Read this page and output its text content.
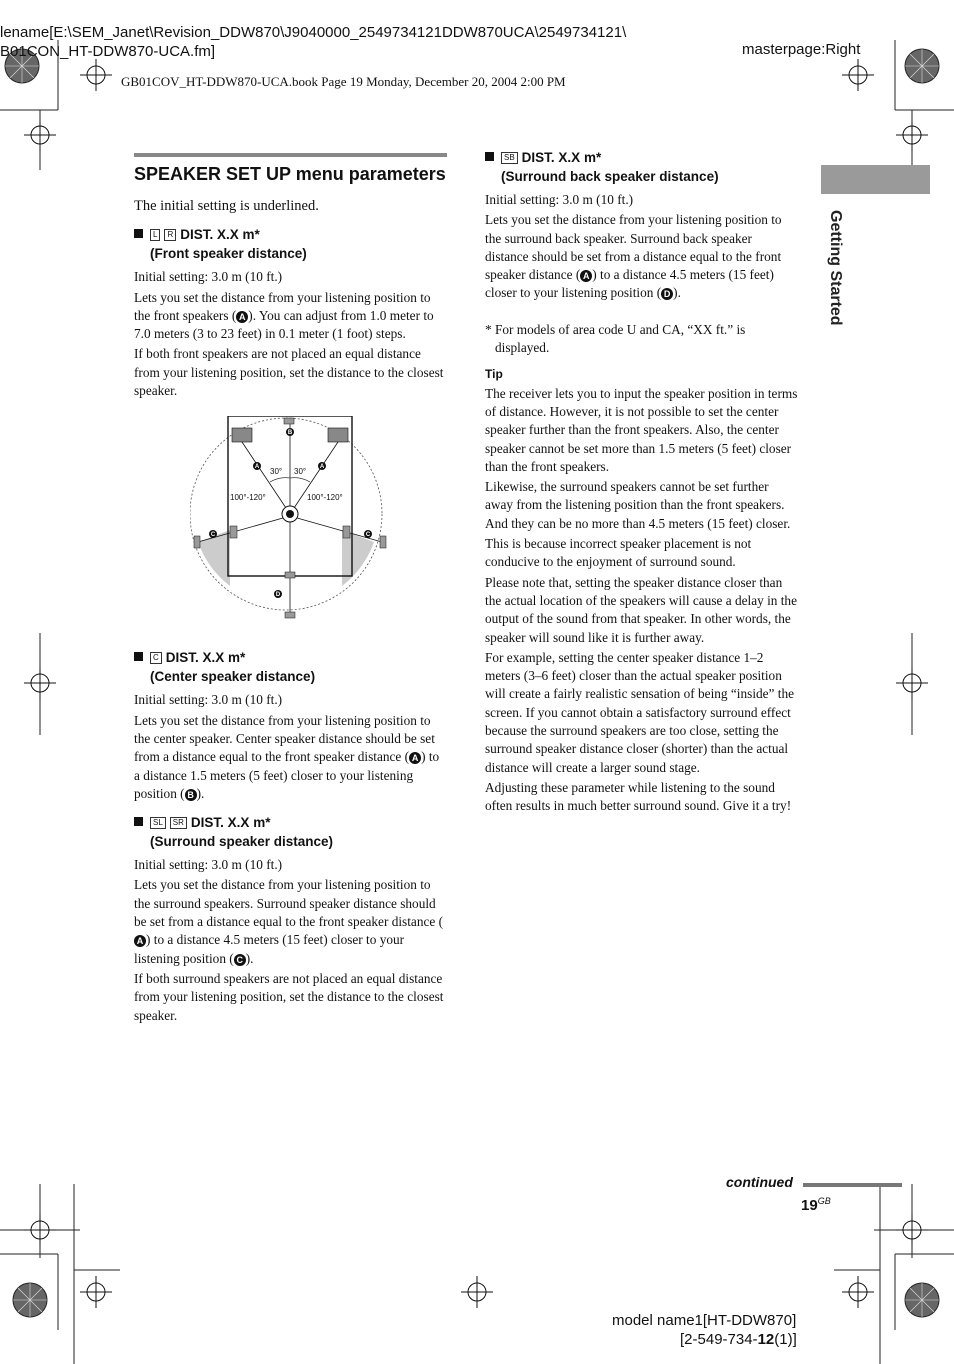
lename[E:\SEM_Janet\Revision_DDW870\J9040000_2549734121DDW870UCA\2549734121\
B01CON_HT-DDW870-UCA.fm]	masterpage:Right
GB01COV_HT-DDW870-UCA.book Page 19 Monday, December 20, 2004 2:00 PM
Getting Started
SPEAKER SET UP menu parameters

The initial setting is underlined.

L R DIST. X.X m*
(Front speaker distance)

Initial setting: 3.0 m (10 ft.)

Lets you set the distance from your listening position to the front speakers ( A ). You can adjust from 1.0 meter to 7.0 meters (3 to 23 feet) in 0.1 meter (1 foot) steps.

If both front speakers are not placed an equal distance from your listening position, set the distance to the closest speaker.

B
A	A
C	C
D
30° 30°
100°-120°	100°-120°
C DIST. X.X m*
(Center speaker distance)

Initial setting: 3.0 m (10 ft.)

Lets you set the distance from your listening position to the center speaker. Center speaker distance should be set from a distance equal to the front speaker distance ( A ) to a distance 1.5 meters (5 feet) closer to your listening position ( B ).

SL SR DIST. X.X m*
(Surround speaker distance)

Initial setting: 3.0 m (10 ft.)

Lets you set the distance from your listening position to the surround speakers. Surround speaker distance should be set from a distance equal to the front speaker distance (A ) to a distance 4.5 meters (15 feet) closer to your listening position ( C ).

If both surround speakers are not placed an equal distance from your listening position, set the distance to the closest speaker.

SB DIST. X.X m*
(Surround back speaker distance)

Initial setting: 3.0 m (10 ft.)

Lets you set the distance from your listening position to the surround back speaker. Surround back speaker distance should be set from a distance equal to the front speaker distance ( A ) to a distance 4.5 meters (15 feet) closer to your listening position ( D ).

* For models of area code U and CA, “XX ft.” is displayed.

Tip

The receiver lets you to input the speaker position in terms of distance. However, it is not possible to set the center speaker further than the front speakers. Also, the center speaker cannot be set more than 1.5 meters (5 feet) closer than the front speakers.

Likewise, the surround speakers cannot be set further away from the listening position than the front speakers. And they can be no more than 4.5 meters (15 feet) closer.

This is because incorrect speaker placement is not conducive to the enjoyment of surround sound.

Please note that, setting the speaker distance closer than the actual location of the speakers will cause a delay in the output of the sound from that speaker. In other words, the speaker will sound like it is further away.

For example, setting the center speaker distance 1–2 meters (3–6 feet) closer than the actual speaker position will create a fairly realistic sensation of being “inside” the screen. If you cannot obtain a satisfactory surround effect because the surround speakers are too close, setting the surround speaker distance closer (shorter) than the actual distance will create a larger sound stage.

Adjusting these parameter while listening to the sound often results in much better surround sound. Give it a try!

continued
$19^{GB}$
model name1[HT-DDW870]
[2-549-734-12(1)]
